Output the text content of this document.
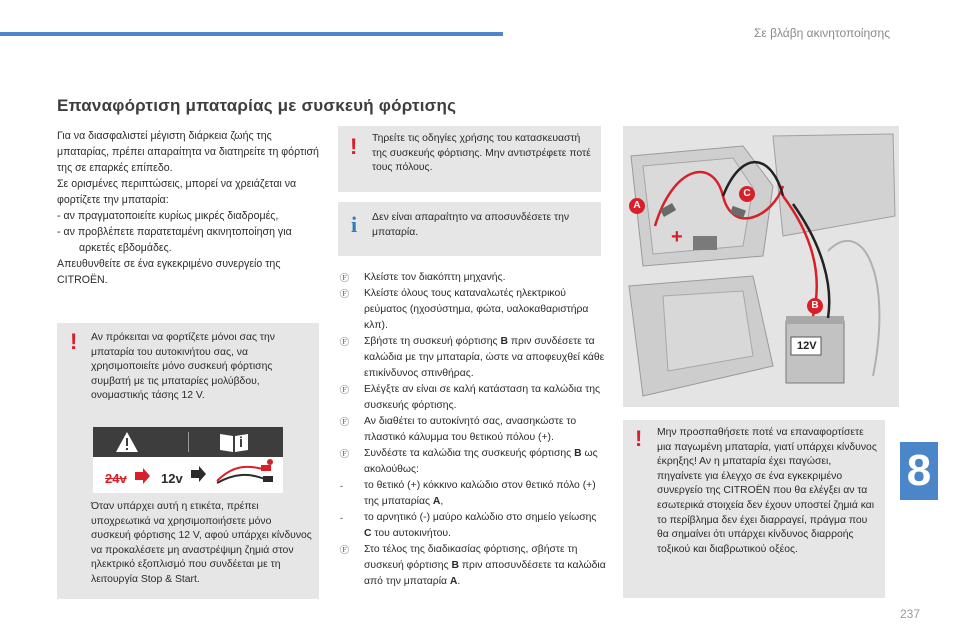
Σε βλάβη ακινητοποίησης
Επαναφόρτιση μπαταρίας με συσκευή φόρτισης
Για να διασφαλιστεί μέγιστη διάρκεια ζωής της μπαταρίας, πρέπει απαραίτητα να διατηρείτε τη φόρτισή της σε επαρκές επίπεδο.
Σε ορισμένες περιπτώσεις, μπορεί να χρειάζεται να φορτίζετε την μπαταρία:
- αν πραγματοποιείτε κυρίως μικρές διαδρομές,
- αν προβλέπετε παρατεταμένη ακινητοποίηση για αρκετές εβδομάδες.
Απευθυνθείτε σε ένα εγκεκριμένο συνεργείο της CITROËN.
! Αν πρόκειται να φορτίζετε μόνοι σας την μπαταρία του αυτοκινήτου σας, να χρησιμοποιείτε μόνο συσκευή φόρτισης συμβατή με τις μπαταρίες μολύβδου, ονομαστικής τάσης 12 V.
24v	12v
Όταν υπάρχει αυτή η ετικέτα, πρέπει υποχρεωτικά να χρησιμοποιήσετε μόνο συσκευή φόρτισης 12 V, αφού υπάρχει κίνδυνος να προκαλέσετε μη αναστρέψιμη ζημιά στον ηλεκτρικό εξοπλισμό που συνδέεται με τη λειτουργία Stop & Start.
! Τηρείτε τις οδηγίες χρήσης του κατασκευαστή της συσκευής φόρτισης. Μην αντιστρέφετε ποτέ τους πόλους.
i Δεν είναι απαραίτητο να αποσυνδέσετε την μπαταρία.
Ⓕ Κλείστε τον διακόπτη μηχανής.
Ⓕ Κλείστε όλους τους καταναλωτές ηλεκτρικού ρεύματος (ηχοσύστημα, φώτα, υαλοκαθαριστήρα κλπ).
Ⓕ Σβήστε τη συσκευή φόρτισης B πριν συνδέσετε τα καλώδια με την μπαταρία, ώστε να αποφευχθεί κάθε επικίνδυνος σπινθήρας.
Ⓕ Ελέγξτε αν είναι σε καλή κατάσταση τα καλώδια της συσκευής φόρτισης.
Ⓕ Αν διαθέτει το αυτοκίνητό σας, ανασηκώστε το πλαστικό κάλυμμα του θετικού πόλου (+).
Ⓕ Συνδέστε τα καλώδια της συσκευής φόρτισης B ως ακολούθως:
- το θετικό (+) κόκκινο καλώδιο στον θετικό πόλο (+) της μπαταρίας A,
- το αρνητικό (-) μαύρο καλώδιο στο σημείο γείωσης C του αυτοκινήτου.
Ⓕ Στο τέλος της διαδικασίας φόρτισης, σβήστε τη συσκευή φόρτισης B πριν αποσυνδέσετε τα καλώδια από την μπαταρία A.
A
C
B
+
12V
! Μην προσπαθήσετε ποτέ να επαναφορτίσετε μια παγωμένη μπαταρία, γιατί υπάρχει κίνδυνος έκρηξης! Αν η μπαταρία έχει παγώσει, πηγαίνετε για έλεγχο σε ένα εγκεκριμένο συνεργείο της CITROËN που θα ελέγξει αν τα εσωτερικά στοιχεία δεν έχουν υποστεί ζημιά και το περίβλημα δεν έχει διαρραγεί, πράγμα που θα σημαίνει ότι υπάρχει κίνδυνος διαρροής τοξικού και διαβρωτικού οξέος.
8
237
